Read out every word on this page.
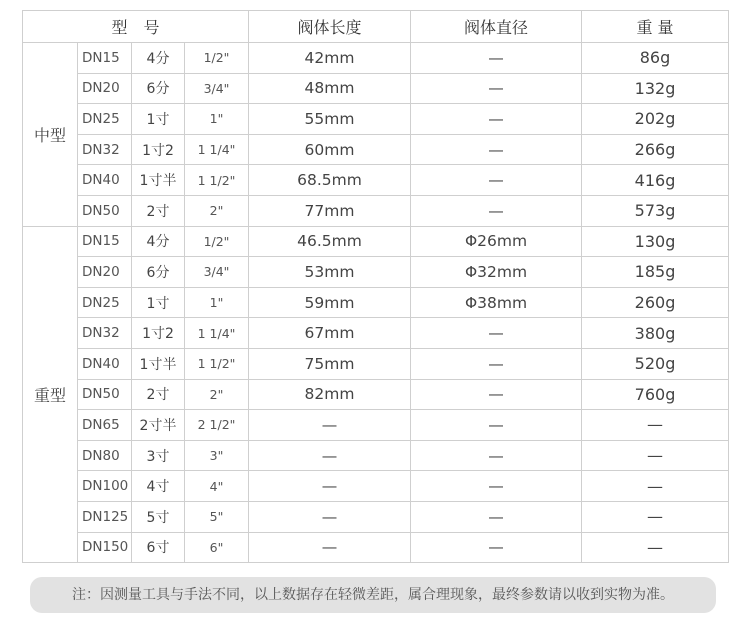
型　号				阀体长度	阀体直径	重 量
中型	DN15	4分	1/2"	42mm	—	86g
	DN20	6分	3/4"	48mm	—	132g
	DN25	1寸	1"	55mm	—	202g
	DN32	1寸2	1 1/4"	60mm	—	266g
	DN40	1寸半	1 1/2"	68.5mm	—	416g
	DN50	2寸	2"	77mm	—	573g
重型	DN15	4分	1/2"	46.5mm	Φ26mm	130g
	DN20	6分	3/4"	53mm	Φ32mm	185g
	DN25	1寸	1"	59mm	Φ38mm	260g
	DN32	1寸2	1 1/4"	67mm	—	380g
	DN40	1寸半	1 1/2"	75mm	—	520g
	DN50	2寸	2"	82mm	—	760g
	DN65	2寸半	2 1/2"	—	—	—
	DN80	3寸	3"	—	—	—
	DN100	4寸	4"	—	—	—
	DN125	5寸	5"	—	—	—
	DN150	6寸	6"	—	—	—
注：因测量工具与手法不同，以上数据存在轻微差距，属合理现象，最终参数请以收到实物为准。
